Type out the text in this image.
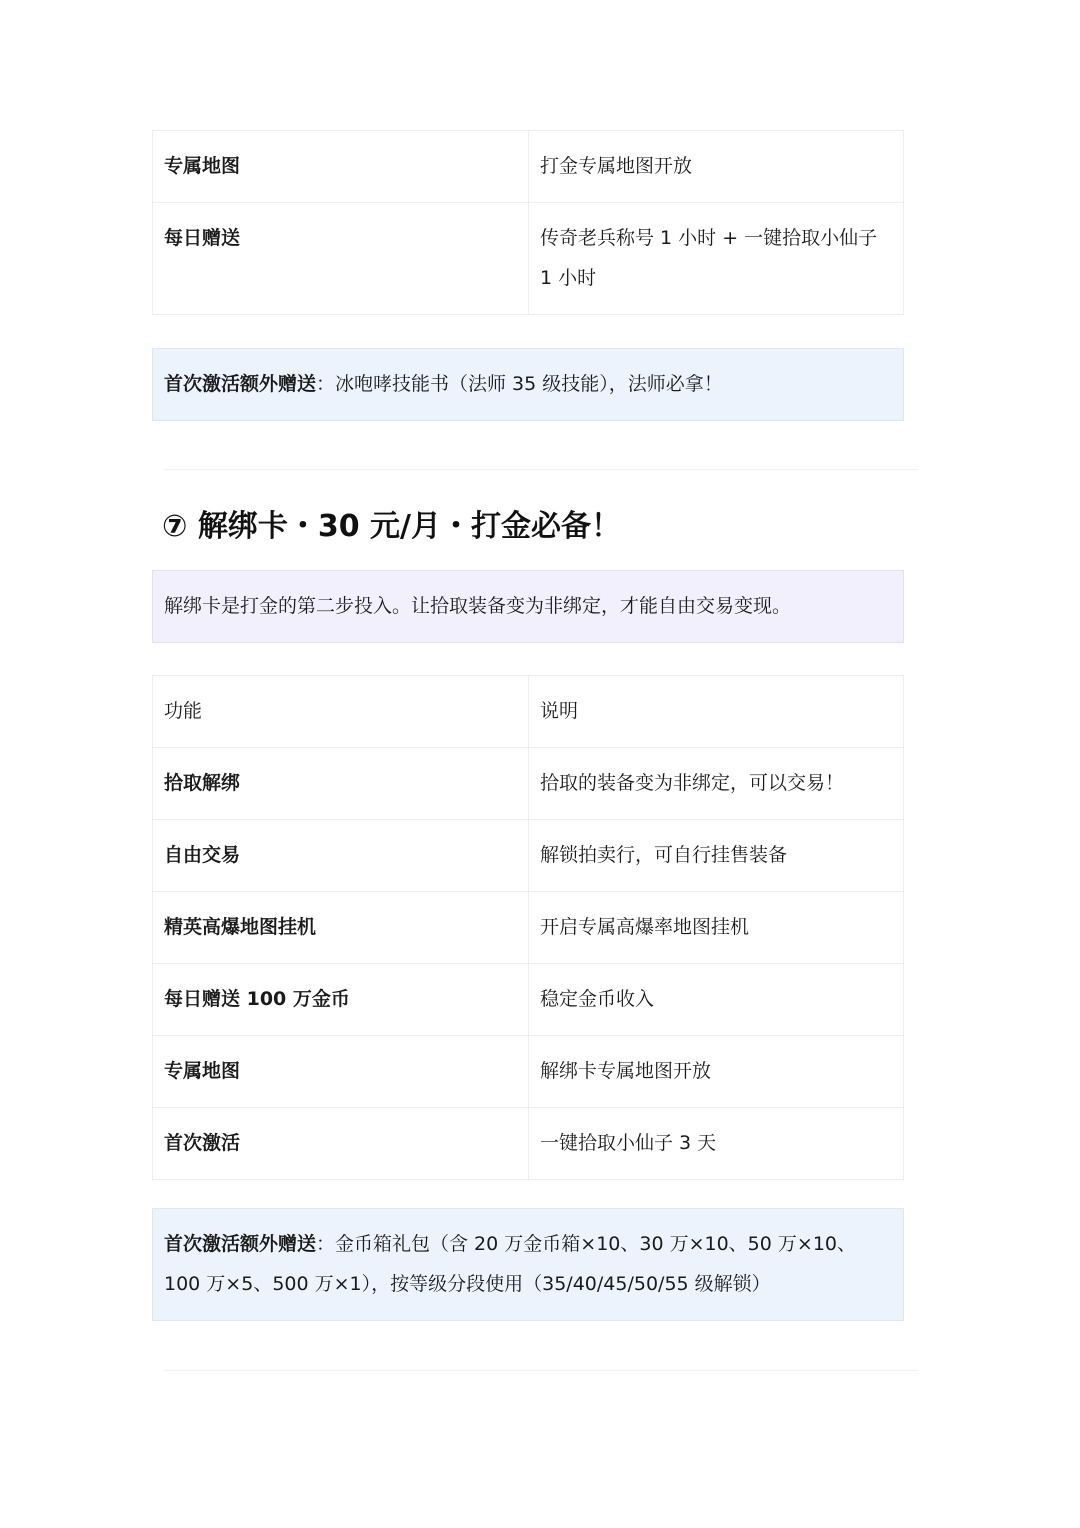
专属地图	打金专属地图开放
每日赠送	传奇老兵称号 1 小时 + 一键拾取小仙子 1 小时
首次激活额外赠送：冰咆哮技能书（法师 35 级技能），法师必拿！
⑦ 解绑卡・30 元/月・打金必备！
解绑卡是打金的第二步投入。让拾取装备变为非绑定，才能自由交易变现。
功能	说明
拾取解绑	拾取的装备变为非绑定，可以交易！
自由交易	解锁拍卖行，可自行挂售装备
精英高爆地图挂机	开启专属高爆率地图挂机
每日赠送 100 万金币	稳定金币收入
专属地图	解绑卡专属地图开放
首次激活	一键拾取小仙子 3 天
首次激活额外赠送：金币箱礼包（含 20 万金币箱×10、30 万×10、50 万×10、100 万×5、500 万×1），按等级分段使用（35/40/45/50/55 级解锁）
